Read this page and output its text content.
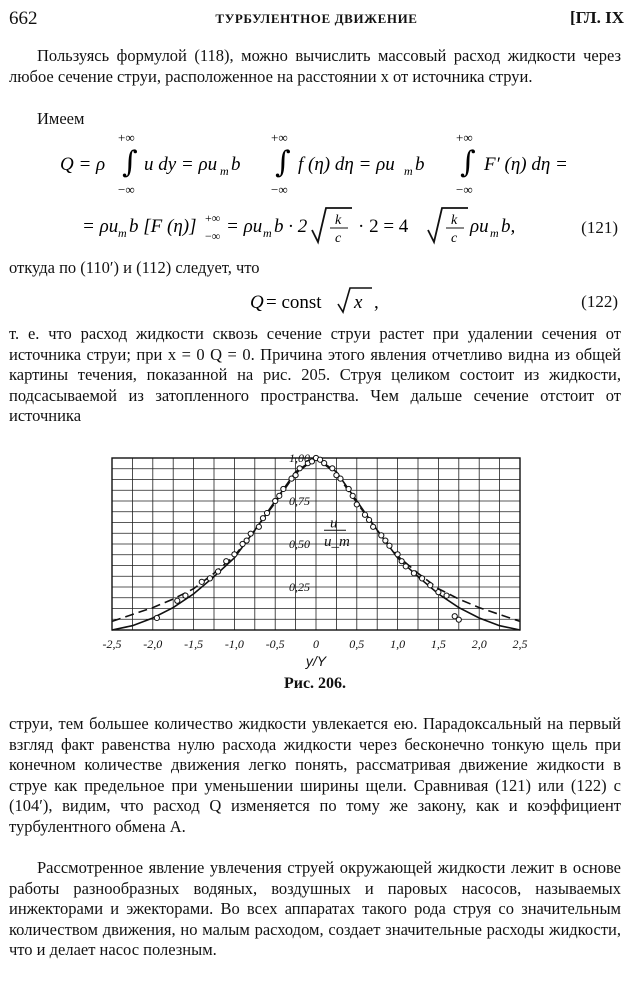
662	ТУРБУЛЕНТНОЕ ДВИЖЕНИЕ	[ГЛ. IX
Пользуясь формулой (118), можно вычислить массовый расход жидкости через любое сечение струи, расположенное на расстоянии x от источника струи.
Имеем
Q = ρ ∫
+∞
−∞
u dy = ρu m b ∫
+∞
−∞
f (η) dη = ρu m b ∫
+∞
−∞
F′ (η) dη =
= ρu m b [F (η)] +∞
−∞ = ρu m b · 2 k
c
· 2 = 4	k
c
ρu m b,	(121)
откуда по (110′) и (112) следует, что
Q = const x ,	(122)
т. е. что расход жидкости сквозь сечение струи растет при удалении сечения от источника струи; при x = 0 Q = 0. Причина этого явления отчетливо видна из общей картины течения, показанной на рис. 205. Струя целиком состоит из жидкости, подсасываемой из затопленного пространства. Чем дальше сечение отстоит от источника
-2,5 -2,0 -1,5 -1,0 -0,5 0	0,5 1,0 1,5 2,0 2,5
0,25
0,50
0,75
1,00
y/Y
u
u_m
Рис. 206.
струи, тем большее количество жидкости увлекается ею. Парадоксальный на первый взгляд факт равенства нулю расхода жидкости через бесконечно тонкую щель при конечном количестве движения легко понять, рассматривая движение жидкости в струе как предельное при уменьшении ширины щели. Сравнивая (121) или (122) с (104′), видим, что расход Q изменяется по тому же закону, как и коэффициент турбулентного обмена A.
Рассмотренное явление увлечения струей окружающей жидкости лежит в основе работы разнообразных водяных, воздушных и паровых насосов, называемых инжекторами и эжекторами. Во всех аппаратах такого рода струя со значительным количеством движения, но малым расходом, создает значительные расходы жидкости, что и делает насос полезным.
